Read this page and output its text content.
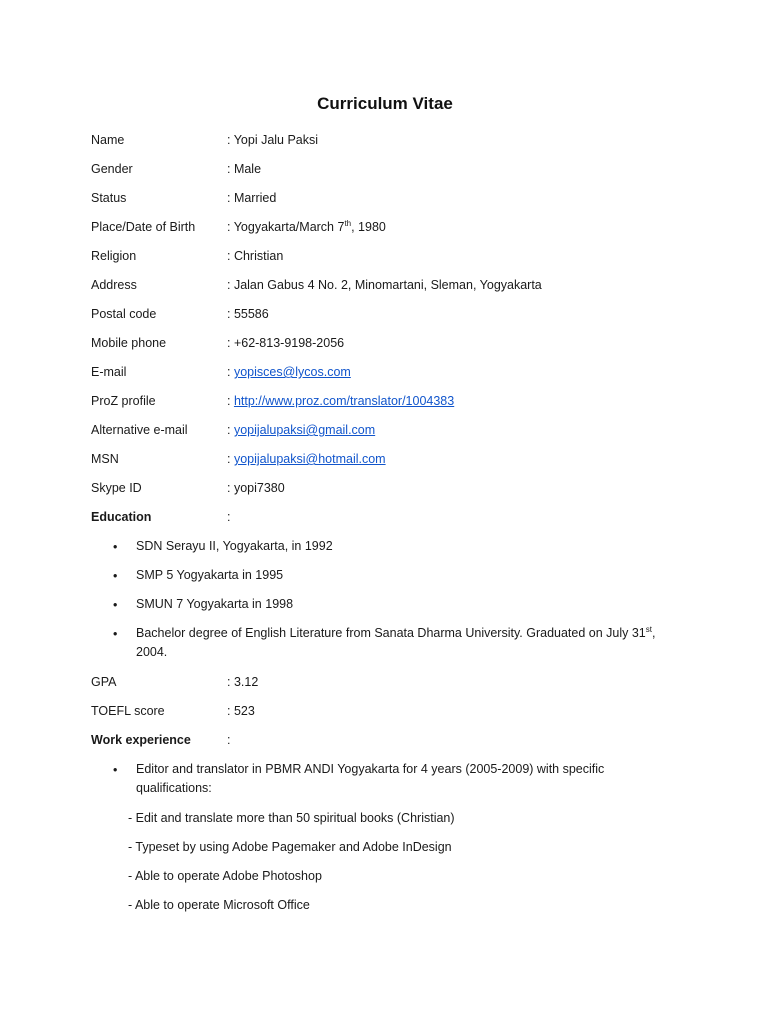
Curriculum Vitae
Name	: Yopi Jalu Paksi
Gender	: Male
Status	: Married
Place/Date of Birth	: Yogyakarta/March 7th, 1980
Religion	: Christian
Address	: Jalan Gabus 4 No. 2, Minomartani, Sleman, Yogyakarta
Postal code	: 55586
Mobile phone	: +62-813-9198-2056
E-mail	: yopisces@lycos.com
ProZ profile	: http://www.proz.com/translator/1004383
Alternative e-mail	: yopijalupaksi@gmail.com
MSN	: yopijalupaksi@hotmail.com
Skype ID	: yopi7380
Education	:
• SDN Serayu II, Yogyakarta, in 1992
• SMP 5 Yogyakarta in 1995
• SMUN 7 Yogyakarta in 1998
• Bachelor degree of English Literature from Sanata Dharma University. Graduated on July 31st,
2004.
GPA	: 3.12
TOEFL score	: 523
Work experience	:
• Editor and translator in PBMR ANDI Yogyakarta for 4 years (2005-2009) with specific
qualifications:
- Edit and translate more than 50 spiritual books (Christian)
- Typeset by using Adobe Pagemaker and Adobe InDesign
- Able to operate Adobe Photoshop
- Able to operate Microsoft Office
